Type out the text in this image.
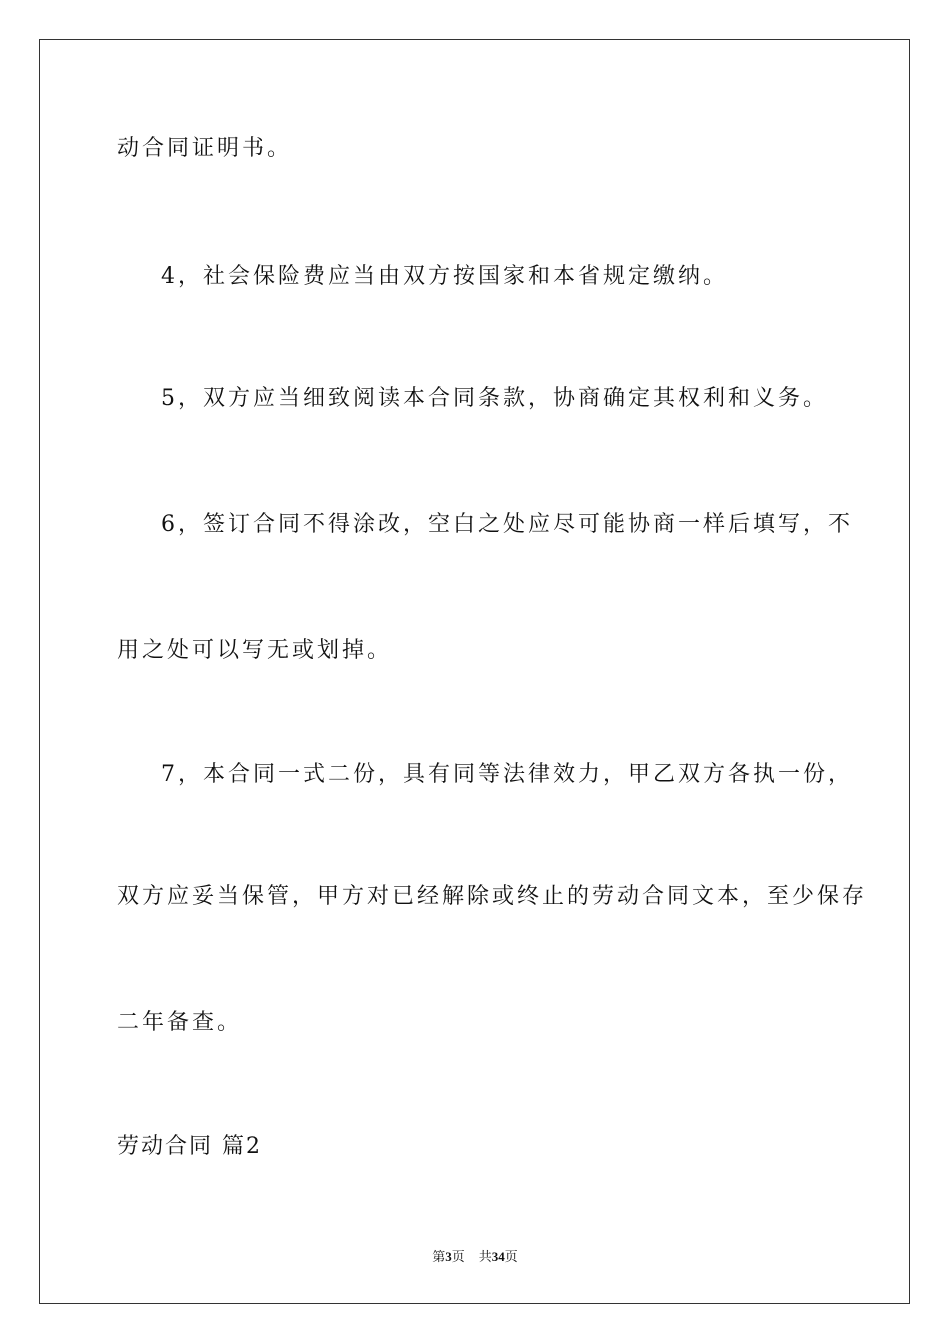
动合同证明书。
4，社会保险费应当由双方按国家和本省规定缴纳。
5，双方应当细致阅读本合同条款，协商确定其权利和义务。
6，签订合同不得涂改，空白之处应尽可能协商一样后填写，不
用之处可以写无或划掉。
7，本合同一式二份，具有同等法律效力，甲乙双方各执一份，
双方应妥当保管，甲方对已经解除或终止的劳动合同文本，至少保存
二年备查。
劳动合同 篇2
第3页 共34页
